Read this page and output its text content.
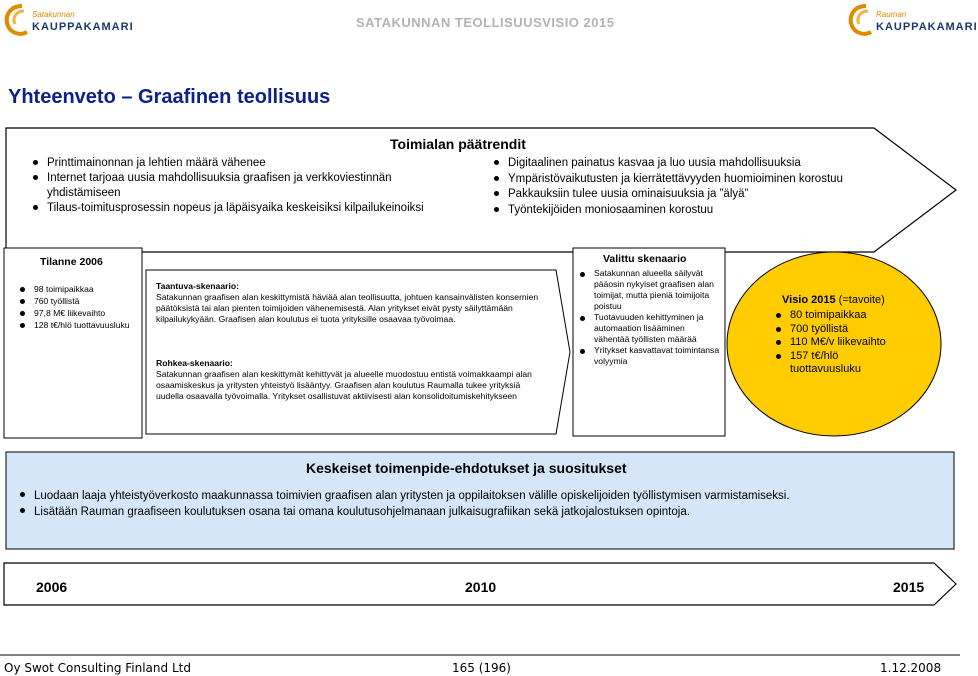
Satakunnan
KAUPPAKAMARI	SATAKUNNAN TEOLLISUUSVISIO 2015
Rauman
KAUPPAKAMARI
Yhteenveto – Graafinen teollisuus
Toimialan päätrendit
Printtimainonnan ja lehtien määrä vähenee
Internet tarjoaa uusia mahdollisuuksia graafisen ja verkkoviestinnän yhdistämiseen
Tilaus-toimitusprosessin nopeus ja läpäisyaika keskeisiksi kilpailukeinoiksi
Digitaalinen painatus kasvaa ja luo uusia mahdollisuuksia
Ympäristövaikutusten ja kierrätettävyyden huomioiminen korostuu
Pakkauksiin tulee uusia ominaisuuksia ja ”älyä”
Työntekijöiden moniosaaminen korostuu
Tilanne 2006
98 toimipaikkaa
760 työllistä
97,8 M€ liikevaihto
128 t€/hlö tuottavuusluku
Taantuva-skenaario:
Satakunnan graafisen alan keskittymistä häviää alan teollisuutta, johtuen kansainvälisten konsernien päätöksistä tai alan pienten toimijoiden vähenemisestä. Alan yritykset eivät pysty säilyttämään kilpailukykyään. Graafisen alan koulutus ei tuota yrityksille osaavaa työvoimaa.
Rohkea-skenaario:
Satakunnan graafisen alan keskittymät kehittyvät ja alueelle muodostuu entistä voimakkaampi alan osaamiskeskus ja yritysten yhteistyö lisääntyy. Graafisen alan koulutus Raumalla tukee yrityksiä uudella osaavalla työvoimalla. Yritykset osallistuvat aktiivisesti alan konsolidoitumiskehitykseen
Valittu skenaario
Satakunnan alueella säilyvät pääosin nykyiset graafisen alan toimijat, mutta pieniä toimijoita poistuu
Tuotavuuden kehittyminen ja automaation lisääminen vähentää työllisten määrää
Yritykset kasvattavat toimintansa volyymia
Visio 2015 (=tavoite)
80 toimipaikkaa
700 työllistä
110 M€/v liikevaihto
157 t€/hlö tuottavuusluku
Keskeiset toimenpide-ehdotukset ja suositukset
Luodaan laaja yhteistyöverkosto maakunnassa toimivien graafisen alan yritysten ja oppilaitoksen välille opiskelijoiden työllistymisen varmistamiseksi.
Lisätään Rauman graafiseen koulutuksen osana tai omana koulutusohjelmanaan julkaisugrafiikan sekä jatkojalostuksen opintoja.
2006	2010	2015
Oy Swot Consulting Finland Ltd	165 (196)	1.12.2008
